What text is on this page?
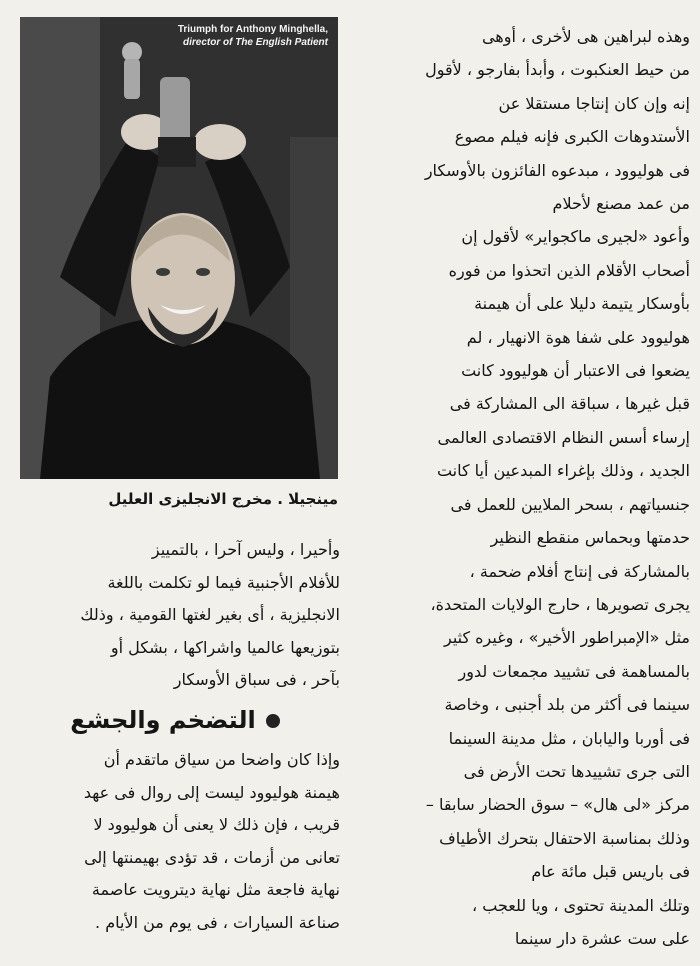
Triumph for Anthony Minghella,
director of The English Patient
مينجيلا . مخرج الانجليزى العليل
وهذه لبراهين هى لأخرى ، أوهى
من حيط العنكبوت ، وأبدأ بفارجو ، لأقول
إنه وإن كان إنتاجا مستقلا عن
الأستدوهات الكبرى فإنه فيلم مصوع
فى هوليوود ، مبدعوه الفائزون بالأوسكار
من عمد مصنع لأحلام
وأعود «لجيرى ماكجواير» لأقول إن
أصحاب الأقلام الذين اتحذوا من فوره
بأوسكار يتيمة دليلا على أن هيمنة
هوليوود على شفا هوة الانهيار ، لم
يضعوا فى الاعتبار أن هوليوود كانت
قبل غيرها ، سباقة الى المشاركة فى
إرساء أسس النظام الاقتصادى العالمى
الجديد ، وذلك بإغراء المبدعين أيا كانت
جنسياتهم ، بسحر الملايين للعمل فى
حدمتها وبحماس منقطع النظير
بالمشاركة فى إنتاج أفلام ضحمة ،
يجرى تصويرها ، حارج الولايات المتحدة،
مثل «الإمبراطور الأخير» ، وغيره كثير
بالمساهمة فى تشييد مجمعات لدور
سينما فى أكثر من بلد أجنبى ، وخاصة
فى أوربا واليابان ، مثل مدينة السينما
التى جرى تشييدها تحت الأرض فى
مركز «لى هال» – سوق الحضار سابقا –
وذلك بمناسبة الاحتفال بتحرك الأطياف
فى باريس قبل مائة عام
وتلك المدينة تحتوى ، ويا للعجب ،
على ست عشرة دار سينما
وأحيرا ، وليس آحرا ، بالتمييز
للأفلام الأجنبية فيما لو تكلمت باللغة
الانجليزية ، أى بغير لغتها القومية ، وذلك
بتوزيعها عالميا واشراكها ، بشكل أو
بآحر ، فى سباق الأوسكار
التضخم والجشع
وإذا كان واضحا من سياق ماتقدم أن
هيمنة هوليوود ليست إلى روال فى عهد
قريب ، فإن ذلك لا يعنى أن هوليوود لا
تعانى من أزمات ، قد تؤدى بهيمنتها إلى
نهاية فاجعة مثل نهاية ديترويت عاصمة
صناعة السيارات ، فى يوم من الأيام .
